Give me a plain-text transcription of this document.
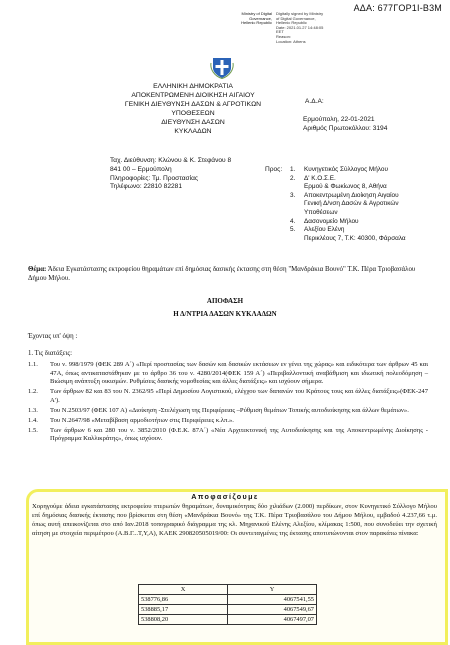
ΑΔΑ: 677ΓΟΡ1Ι-Β3Μ
Ministry of Digital
Governance,
Hellenic Republic
Digitally signed by Ministry
of Digital Governance,
Hellenic Republic
Date: 2021.01.27 14:48:05
EET
Reason:
Location: Athens
ΕΛΛΗΝΙΚΗ ΔΗΜΟΚΡΑΤΙΑ
ΑΠΟΚΕΝΤΡΩΜΕΝΗ ΔΙΟΙΚΗΣΗ ΑΙΓΑΙΟΥ
ΓΕΝΙΚΗ ΔΙΕΥΘΥΝΣΗ ΔΑΣΩΝ & ΑΓΡΟΤΙΚΩΝ
ΥΠΟΘΕΣΕΩΝ
ΔΙΕΥΘΥΝΣΗ ΔΑΣΩΝ
ΚΥΚΛΑΔΩΝ
Ταχ. Διεύθυνση: Κλώνου & Κ. Στεφάνου 8
841 00 – Ερμούπολη
Πληροφορίες: Τμ. Προστασίας
Τηλέφωνο: 22810 82281
Α.Δ.Α:
Ερμούπολη, 22-01-2021
Αριθμός Πρωτοκόλλου: 3194
Προς: 1. Κυνηγετικός Σύλλογος Μήλου
2. Δ' Κ.Ο.Σ.Ε.
Ερμού & Φωκίωνος 8, Αθήνα
3. Αποκεντρωμένη Διοίκηση Αιγαίου
Γενική Δ/νση Δασών & Αγροτικών
Υποθέσεων
4. Δασονομείο Μήλου
5. Αλεξίου Ελένη
Περικλέους 7, Τ.Κ: 40300, Φάρσαλα
Θέμα: Άδεια Εγκατάστασης εκτροφείου θηραμάτων επί δημόσιας δασικής έκτασης στη θέση "Μανδράκια Βουνό" Τ.Κ. Πέρα Τριοβασάλου Δήμου Μήλου.
ΑΠΟΦΑΣΗ
Η Δ/ΝΤΡΙΑ ΔΑΣΩΝ ΚΥΚΛΑΔΩΝ
Έχοντας υπ' όψη :
1. Τις διατάξεις:
1.1. Του ν. 998/1979 (ΦΕΚ 289 Α΄) «Περί προστασίας των δασών και δασικών εκτάσεων εν γένει της χώρας» και ειδικότερα των άρθρων 45 και 47Α, όπως αντικαταστάθηκαν με το άρθρο 36 του ν. 4280/2014(ΦΕΚ 159 Α΄) «Περιβαλλοντική αναβάθμιση και ιδιωτική πολεοδόμηση – Βιώσιμη ανάπτυξη οικισμών. Ρυθμίσεις δασικής νομοθεσίας και άλλες διατάξεις» και ισχύουν σήμερα.
1.2. Των άρθρων 82 και 83 του Ν. 2362/95 «Περί Δημοσίου Λογιστικού, ελέγχου των δαπανών του Κράτους τους και άλλες διατάξεις»(ΦΕΚ-247 Α').
1.3. Του Ν.2503/97 (ΦΕΚ 107 Α) «Διοίκηση -Στελέχωση της Περιφέρειας –Ρύθμιση θεμάτων Τοπικής αυτοδιοίκησης και άλλων θεμάτων».
1.4. Του Ν.2647/98 «Μεταβίβαση αρμοδιοτήτων στις Περιφέρειες κ.λπ.».
1.5. Των άρθρων 6 και 280 του ν. 3852/2010 (Φ.Ε.Κ. 87Α΄) «Νέα Αρχιτεκτονική της Αυτοδιοίκησης και της Αποκεντρωμένης Διοίκησης - Πρόγραμμα Καλλικράτης», όπως ισχύουν.
Αποφασίζουμε
Χορηγούμε άδεια εγκατάστασης εκτροφείου πτερωτών θηραμάτων, δυναμικότητας δύο χιλιάδων (2.000) περδίκων, στον Κυνηγετικό Σύλλογο Μήλου επί δημόσιας δασικής έκτασης που βρίσκεται στη θέση «Μανδράκια Βουνό» της Τ.Κ. Πέρα Τριοβασάλου του Δήμου Μήλου, εμβαδού 4.237,66 τ.μ. όπως αυτή απεικονίζεται στο από Ιαν.2018 τοπογραφικό διάγραμμα της κλ. Μηχανικού Ελένης Αλεξίου, κλίμακας 1:500, που συνοδεύει την σχετική αίτηση με στοιχεία περιμέτρου (Α.Β.Γ...Τ,Υ,Α), ΚΑΕΚ 290820505019/00: Οι συντεταγμένες της έκτασης αποτυπώνονται στον παρακάτω πίνακα:
X	Y
538776,86	4067541,55
538885,17	4067549,67
538808,20	4067497,07
